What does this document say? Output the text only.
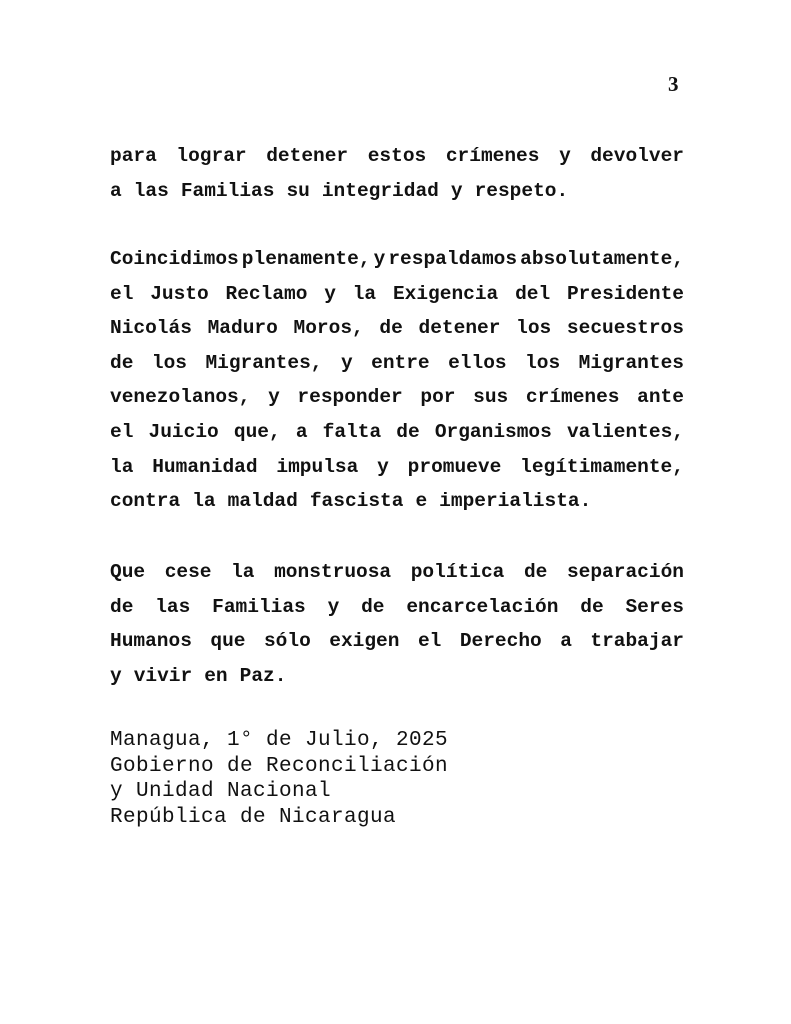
3
para lograr detener estos crímenes y devolver
a las Familias su integridad y respeto.
Coincidimos plenamente, y respaldamos absolutamente,
el Justo Reclamo y la Exigencia del Presidente
Nicolás Maduro Moros, de detener los secuestros
de los Migrantes, y entre ellos los Migrantes
venezolanos, y responder por sus crímenes ante
el Juicio que, a falta de Organismos valientes,
la Humanidad impulsa y promueve legítimamente,
contra la maldad fascista e imperialista.
Que cese la monstruosa política de separación
de las Familias y de encarcelación de Seres
Humanos que sólo exigen el Derecho a trabajar
y vivir en Paz.
Managua, 1° de Julio, 2025
Gobierno de Reconciliación
y Unidad Nacional
República de Nicaragua
